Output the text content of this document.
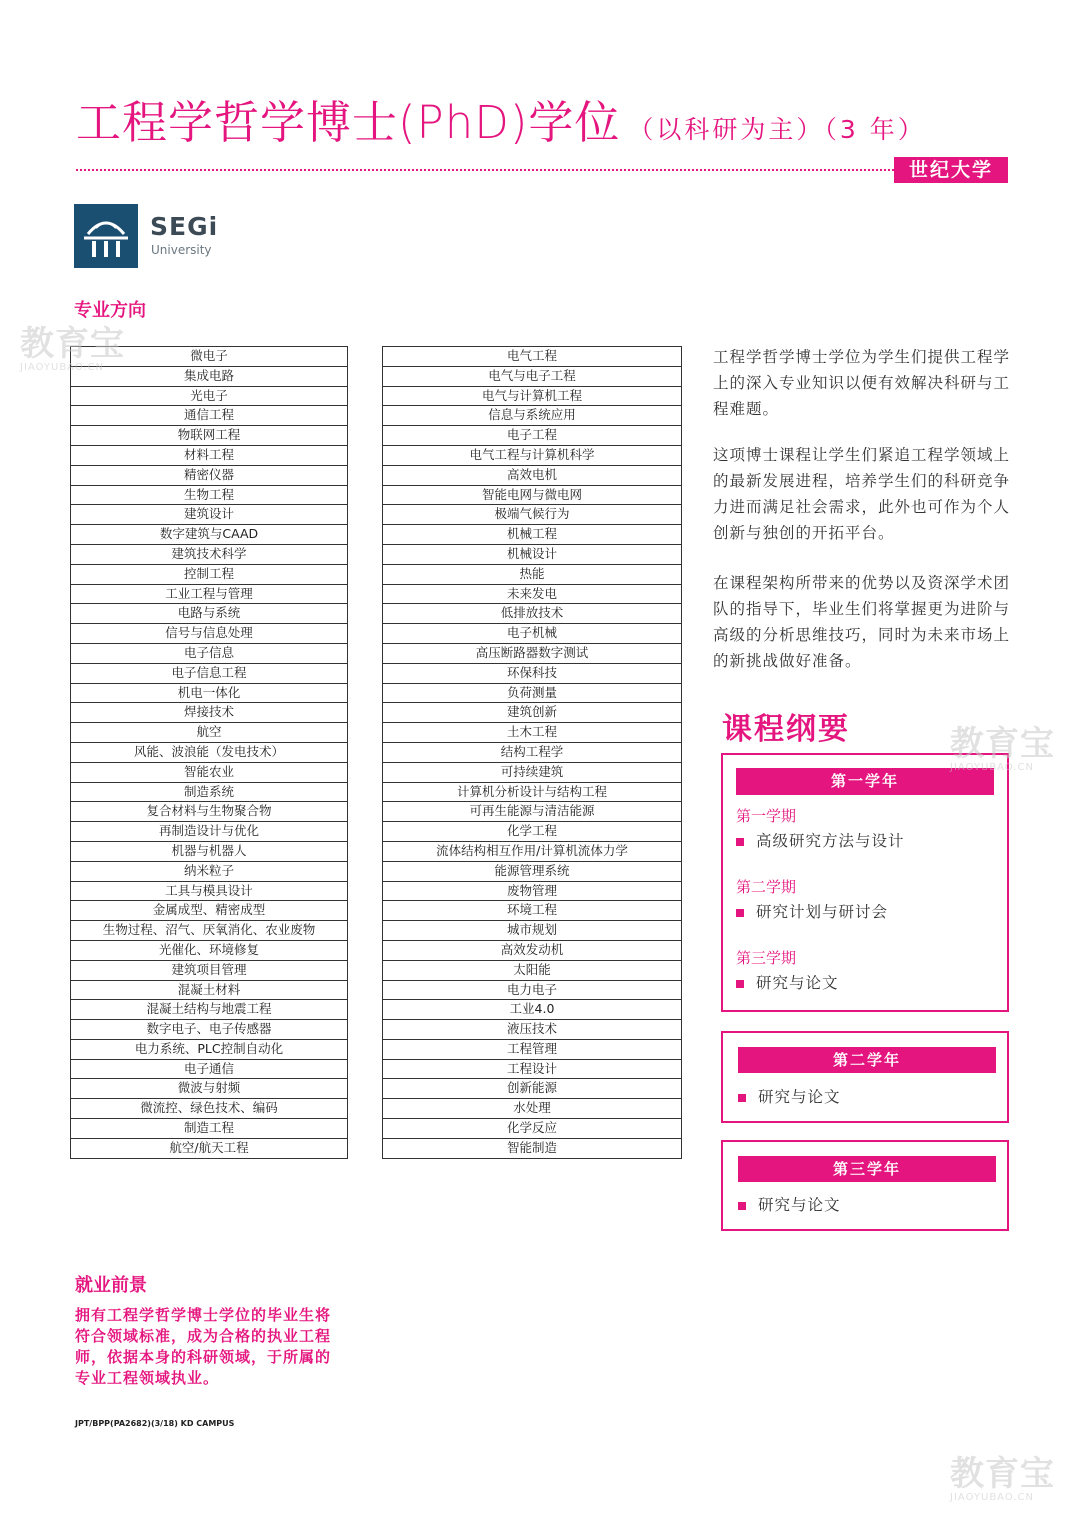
工程学哲学博士(PhD)学位 （以科研为主）（3 年）
世纪大学
SEGi
University
专业方向
微电子
集成电路
光电子
通信工程
物联网工程
材料工程
精密仪器
生物工程
建筑设计
数字建筑与CAAD
建筑技术科学
控制工程
工业工程与管理
电路与系统
信号与信息处理
电子信息
电子信息工程
机电一体化
焊接技术
航空
风能、波浪能（发电技术）
智能农业
制造系统
复合材料与生物聚合物
再制造设计与优化
机器与机器人
纳米粒子
工具与模具设计
金属成型、精密成型
生物过程、沼气、厌氧消化、农业废物
光催化、环境修复
建筑项目管理
混凝土材料
混凝土结构与地震工程
数字电子、电子传感器
电力系统、PLC控制自动化
电子通信
微波与射频
微流控、绿色技术、编码
制造工程
航空/航天工程
电气工程
电气与电子工程
电气与计算机工程
信息与系统应用
电子工程
电气工程与计算机科学
高效电机
智能电网与微电网
极端气候行为
机械工程
机械设计
热能
未来发电
低排放技术
电子机械
高压断路器数字测试
环保科技
负荷测量
建筑创新
土木工程
结构工程学
可持续建筑
计算机分析设计与结构工程
可再生能源与清洁能源
化学工程
流体结构相互作用/计算机流体力学
能源管理系统
废物管理
环境工程
城市规划
高效发动机
太阳能
电力电子
工业4.0
液压技术
工程管理
工程设计
创新能源
水处理
化学反应
智能制造
工程学哲学博士学位为学生们提供工程学上的深入专业知识以便有效解决科研与工程难题。
这项博士课程让学生们紧追工程学领域上的最新发展进程，培养学生们的科研竞争力进而满足社会需求，此外也可作为个人创新与独创的开拓平台。
在课程架构所带来的优势以及资深学术团队的指导下，毕业生们将掌握更为进阶与高级的分析思维技巧，同时为未来市场上的新挑战做好准备。
课程纲要
第一学年
第一学期
高级研究方法与设计
第二学期
研究计划与研讨会
第三学期
研究与论文
第二学年
研究与论文
第三学年
研究与论文
就业前景
拥有工程学哲学博士学位的毕业生将符合领域标准，成为合格的执业工程师，依据本身的科研领域，于所属的专业工程领域执业。
JPT/BPP(PA2682)(3/18) KD CAMPUS
教育宝
JIAOYUBAO.CN
教育宝
JIAOYUBAO.CN
教育宝
JIAOYUBAO.CN
